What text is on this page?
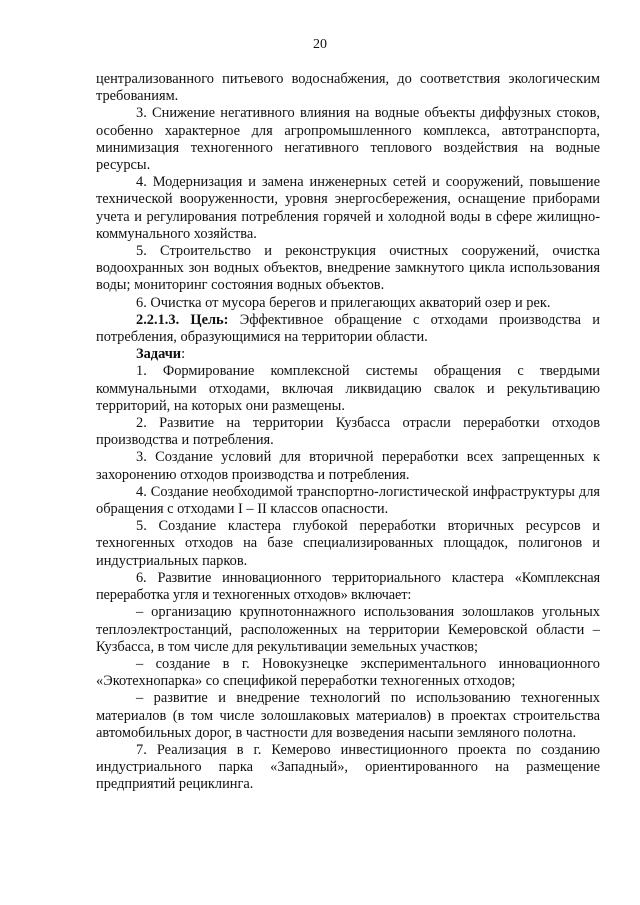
20

централизованного питьевого водоснабжения, до соответствия экологическим требованиям.

3. Снижение негативного влияния на водные объекты диффузных стоков, особенно характерное для агропромышленного комплекса, автотранспорта, минимизация техногенного негативного теплового воздействия на водные ресурсы.

4. Модернизация и замена инженерных сетей и сооружений, повышение технической вооруженности, уровня энергосбережения, оснащение приборами учета и регулирования потребления горячей и холодной воды в сфере жилищно-коммунального хозяйства.

5. Строительство и реконструкция очистных сооружений, очистка водоохранных зон водных объектов, внедрение замкнутого цикла использования воды; мониторинг состояния водных объектов.

6. Очистка от мусора берегов и прилегающих акваторий озер и рек.

2.2.1.3. Цель: Эффективное обращение с отходами производства и потребления, образующимися на территории области.

Задачи:

1. Формирование комплексной системы обращения с твердыми коммунальными отходами, включая ликвидацию свалок и рекультивацию территорий, на которых они размещены.

2. Развитие на территории Кузбасса отрасли переработки отходов производства и потребления.

3. Создание условий для вторичной переработки всех запрещенных к захоронению отходов производства и потребления.

4. Создание необходимой транспортно-логистической инфраструктуры для обращения с отходами I – II классов опасности.

5. Создание кластера глубокой переработки вторичных ресурсов и техногенных отходов на базе специализированных площадок, полигонов и индустриальных парков.

6. Развитие инновационного территориального кластера «Комплексная переработка угля и техногенных отходов» включает:

– организацию крупнотоннажного использования золошлаков угольных теплоэлектростанций, расположенных на территории Кемеровской области – Кузбасса, в том числе для рекультивации земельных участков;

– создание в г. Новокузнецке экспериментального инновационного «Экотехнопарка» со спецификой переработки техногенных отходов;

– развитие и внедрение технологий по использованию техногенных материалов (в том числе золошлаковых материалов) в проектах строительства автомобильных дорог, в частности для возведения насыпи земляного полотна.

7. Реализация в г. Кемерово инвестиционного проекта по созданию индустриального парка «Западный», ориентированного на размещение предприятий рециклинга.
